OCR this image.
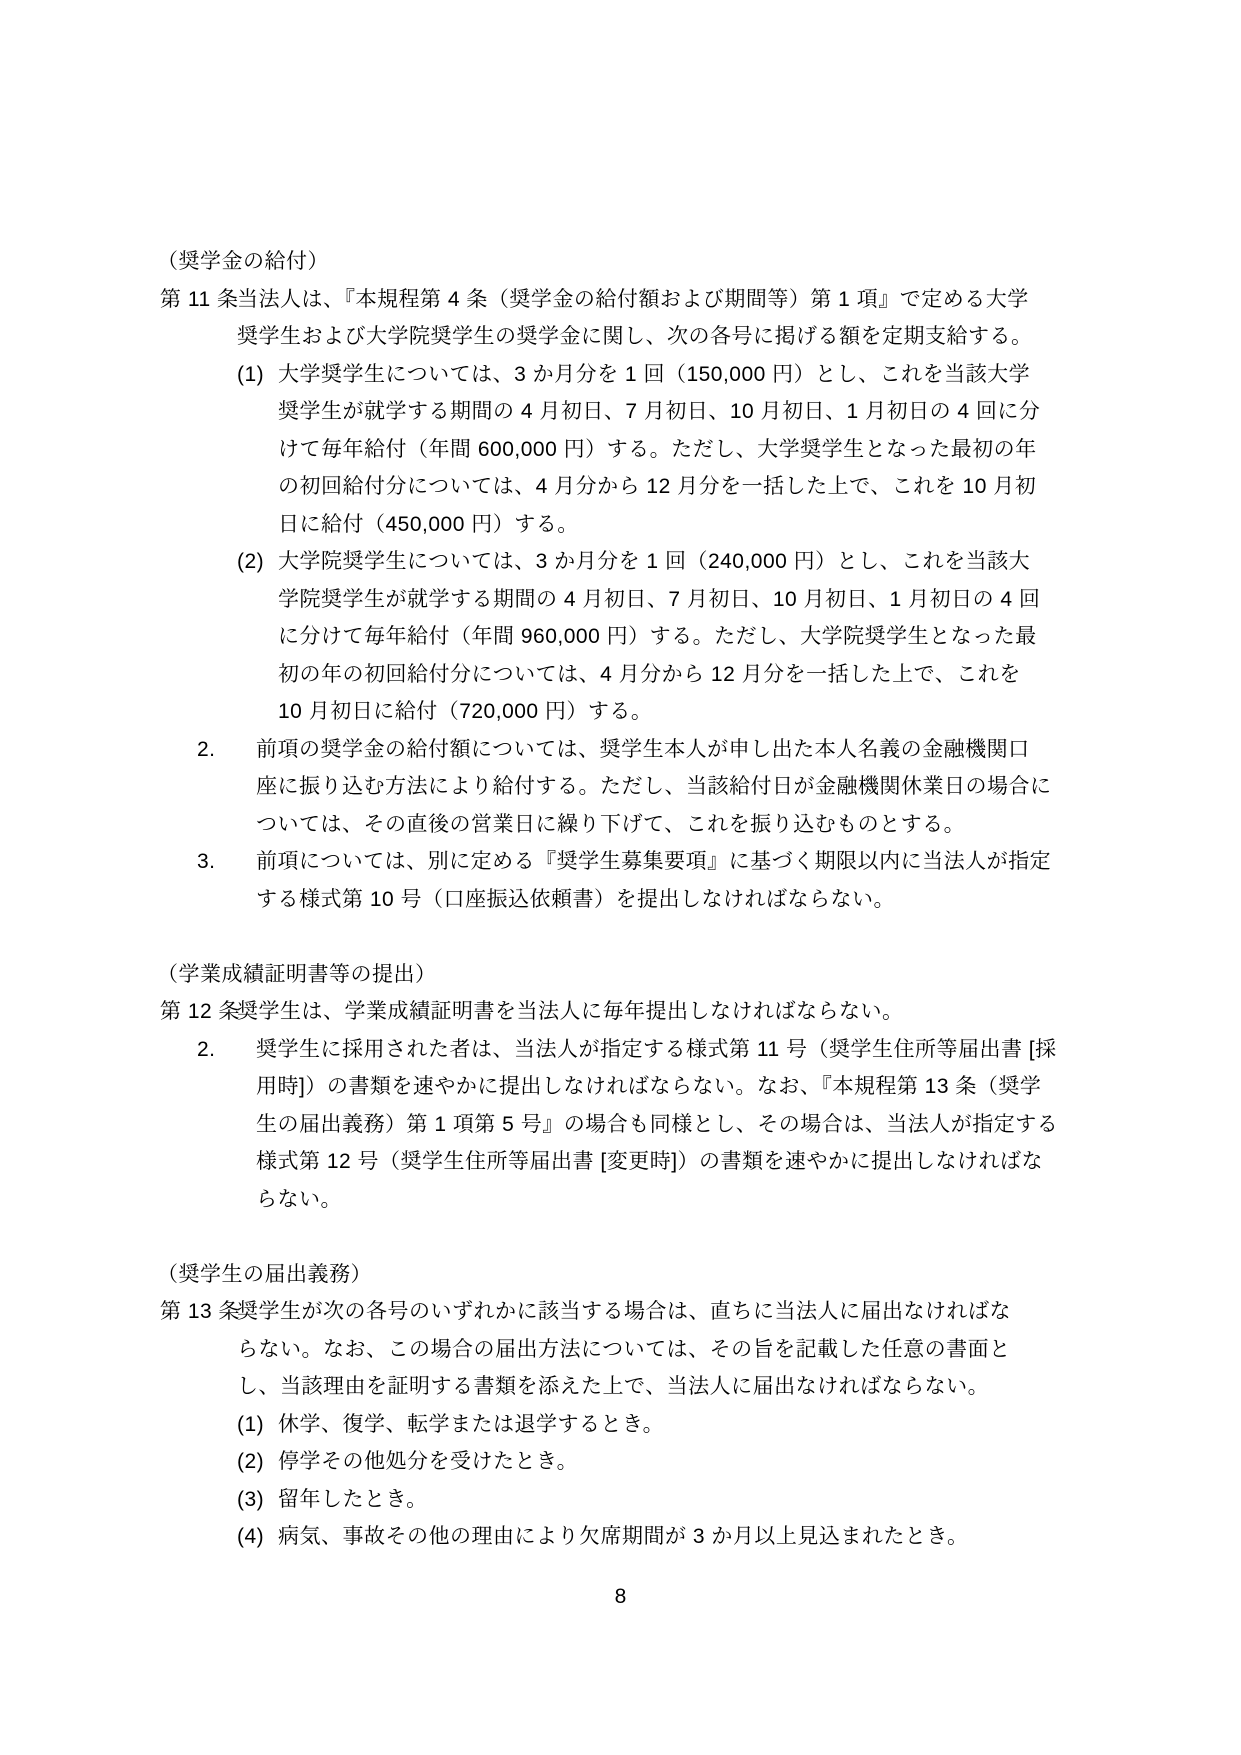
（奨学金の給付）
第 11 条
当法人は、『本規程第 4 条（奨学金の給付額および期間等）第 1 項』で定める大学
奨学生および大学院奨学生の奨学金に関し、次の各号に掲げる額を定期支給する。
(1) 大学奨学生については、3 か月分を 1 回（150,000 円）とし、これを当該大学
奨学生が就学する期間の 4 月初日、7 月初日、10 月初日、1 月初日の 4 回に分
けて毎年給付（年間 600,000 円）する。ただし、大学奨学生となった最初の年
の初回給付分については、4 月分から 12 月分を一括した上で、これを 10 月初
日に給付（450,000 円）する。
(2) 大学院奨学生については、3 か月分を 1 回（240,000 円）とし、これを当該大
学院奨学生が就学する期間の 4 月初日、7 月初日、10 月初日、1 月初日の 4 回
に分けて毎年給付（年間 960,000 円）する。ただし、大学院奨学生となった最
初の年の初回給付分については、4 月分から 12 月分を一括した上で、これを
10 月初日に給付（720,000 円）する。
2. 前項の奨学金の給付額については、奨学生本人が申し出た本人名義の金融機関口
座に振り込む方法により給付する。ただし、当該給付日が金融機関休業日の場合に
ついては、その直後の営業日に繰り下げて、これを振り込むものとする。
3. 前項については、別に定める『奨学生募集要項』に基づく期限以内に当法人が指定
する様式第 10 号（口座振込依頼書）を提出しなければならない。
（学業成績証明書等の提出）
第 12 条
奨学生は、学業成績証明書を当法人に毎年提出しなければならない。
2. 奨学生に採用された者は、当法人が指定する様式第 11 号（奨学生住所等届出書 [採
用時]）の書類を速やかに提出しなければならない。なお、『本規程第 13 条（奨学
生の届出義務）第 1 項第 5 号』の場合も同様とし、その場合は、当法人が指定する
様式第 12 号（奨学生住所等届出書 [変更時]）の書類を速やかに提出しなければな
らない。
（奨学生の届出義務）
第 13 条
奨学生が次の各号のいずれかに該当する場合は、直ちに当法人に届出なければな
らない。なお、この場合の届出方法については、その旨を記載した任意の書面と
し、当該理由を証明する書類を添えた上で、当法人に届出なければならない。
(1) 休学、復学、転学または退学するとき。
(2) 停学その他処分を受けたとき。
(3) 留年したとき。
(4) 病気、事故その他の理由により欠席期間が 3 か月以上見込まれたとき。
8
